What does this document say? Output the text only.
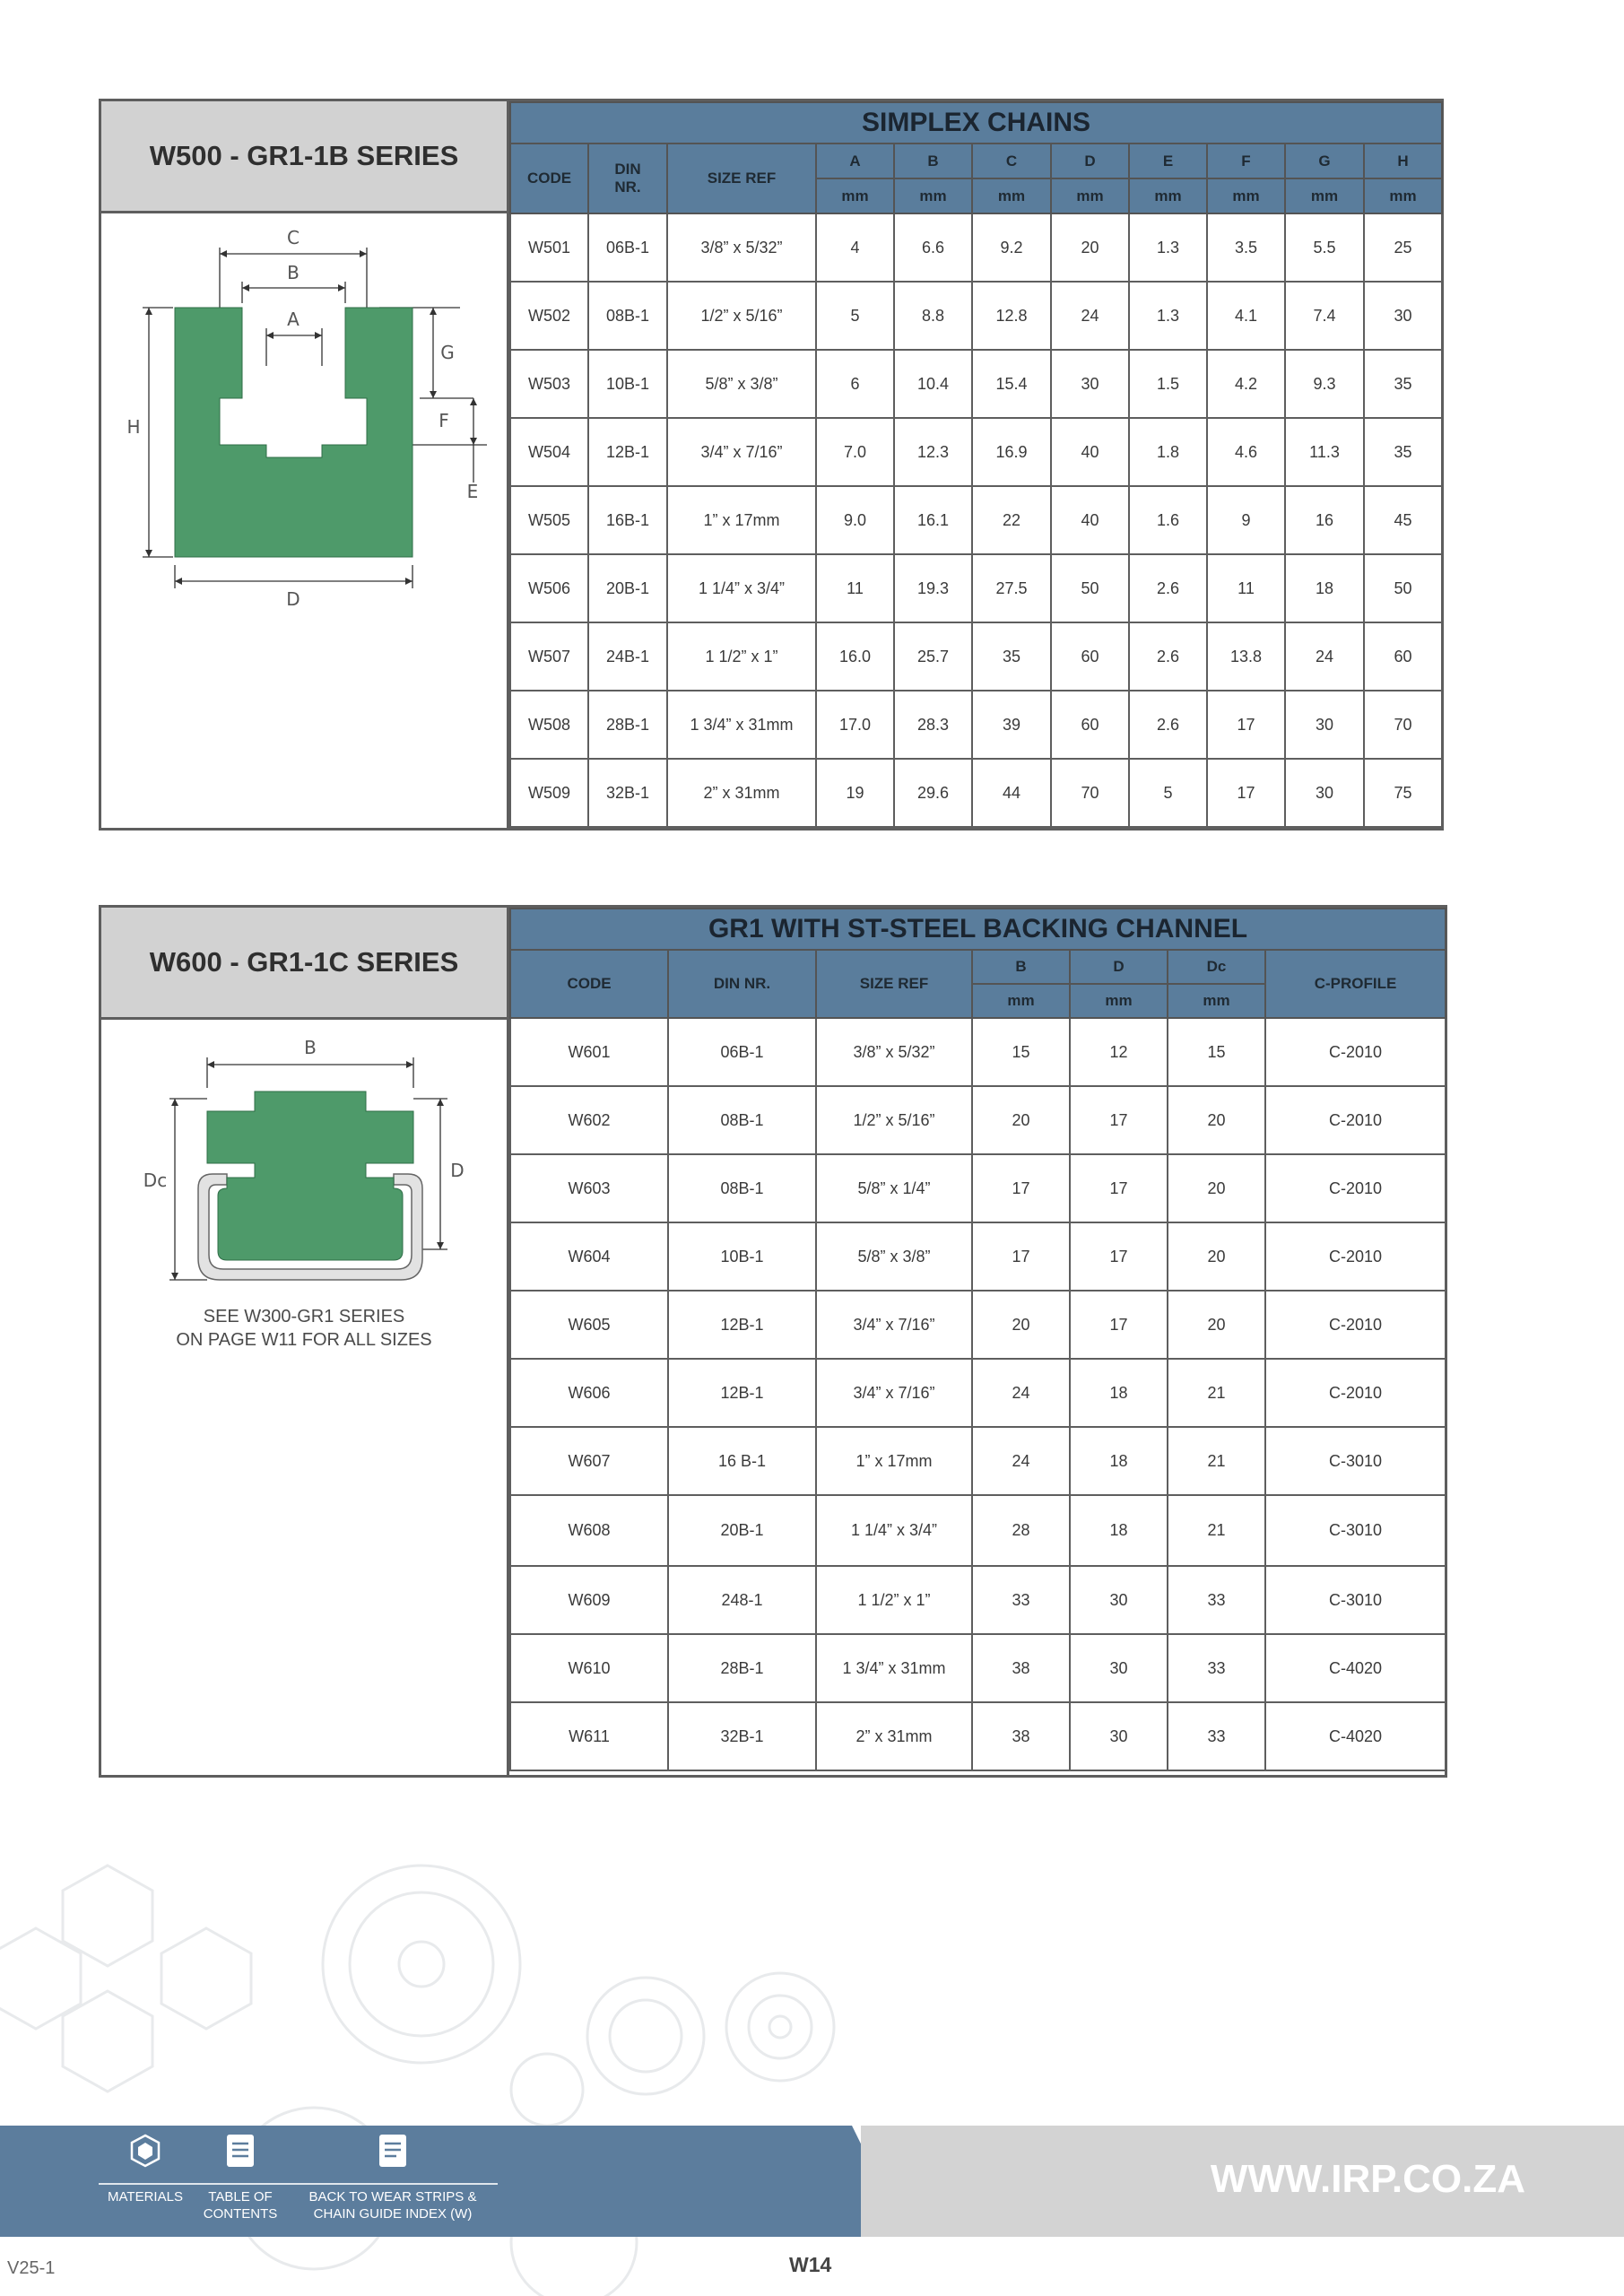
W500 - GR1-1B SERIES
C
B
A
H
D
G
F
E
SIMPLEX CHAINS										
CODE	DIN NR.	SIZE REF	A	B	C	D	E	F	G	H
			mm	mm	mm	mm	mm	mm	mm	mm
W501	06B-1	3/8” x 5/32”	4	6.6	9.2	20	1.3	3.5	5.5	25
W502	08B-1	1/2” x 5/16”	5	8.8	12.8	24	1.3	4.1	7.4	30
W503	10B-1	5/8” x 3/8”	6	10.4	15.4	30	1.5	4.2	9.3	35
W504	12B-1	3/4” x 7/16”	7.0	12.3	16.9	40	1.8	4.6	11.3	35
W505	16B-1	1” x 17mm	9.0	16.1	22	40	1.6	9	16	45
W506	20B-1	1 1/4” x 3/4”	11	19.3	27.5	50	2.6	11	18	50
W507	24B-1	1 1/2” x 1”	16.0	25.7	35	60	2.6	13.8	24	60
W508	28B-1	1 3/4” x 31mm	17.0	28.3	39	60	2.6	17	30	70
W509	32B-1	2” x 31mm	19	29.6	44	70	5	17	30	75
W600 - GR1-1C SERIES
B
Dc	D
SEE W300-GR1 SERIES
ON PAGE W11 FOR ALL SIZES
GR1 WITH ST-STEEL BACKING CHANNEL						
CODE	DIN NR.	SIZE REF	B	D	Dc	C-PROFILE
			mm	mm	mm	
W601	06B-1	3/8” x 5/32”	15	12	15	C-2010
W602	08B-1	1/2” x 5/16”	20	17	20	C-2010
W603	08B-1	5/8” x 1/4”	17	17	20	C-2010
W604	10B-1	5/8” x 3/8”	17	17	20	C-2010
W605	12B-1	3/4” x 7/16”	20	17	20	C-2010
W606	12B-1	3/4” x 7/16”	24	18	21	C-2010
W607	16 B-1	1” x 17mm	24	18	21	C-3010
W608	20B-1	1 1/4” x 3/4”	28	18	21	C-3010
W609	248-1	1 1/2” x 1”	33	30	33	C-3010
W610	28B-1	1 3/4” x 31mm	38	30	33	C-4020
W611	32B-1	2” x 31mm	38	30	33	C-4020
WWW.IRP.CO.ZA
MATERIALS	TABLE OF
CONTENTS
BACK TO WEAR STRIPS &
CHAIN GUIDE INDEX (W)
V25-1	W14
